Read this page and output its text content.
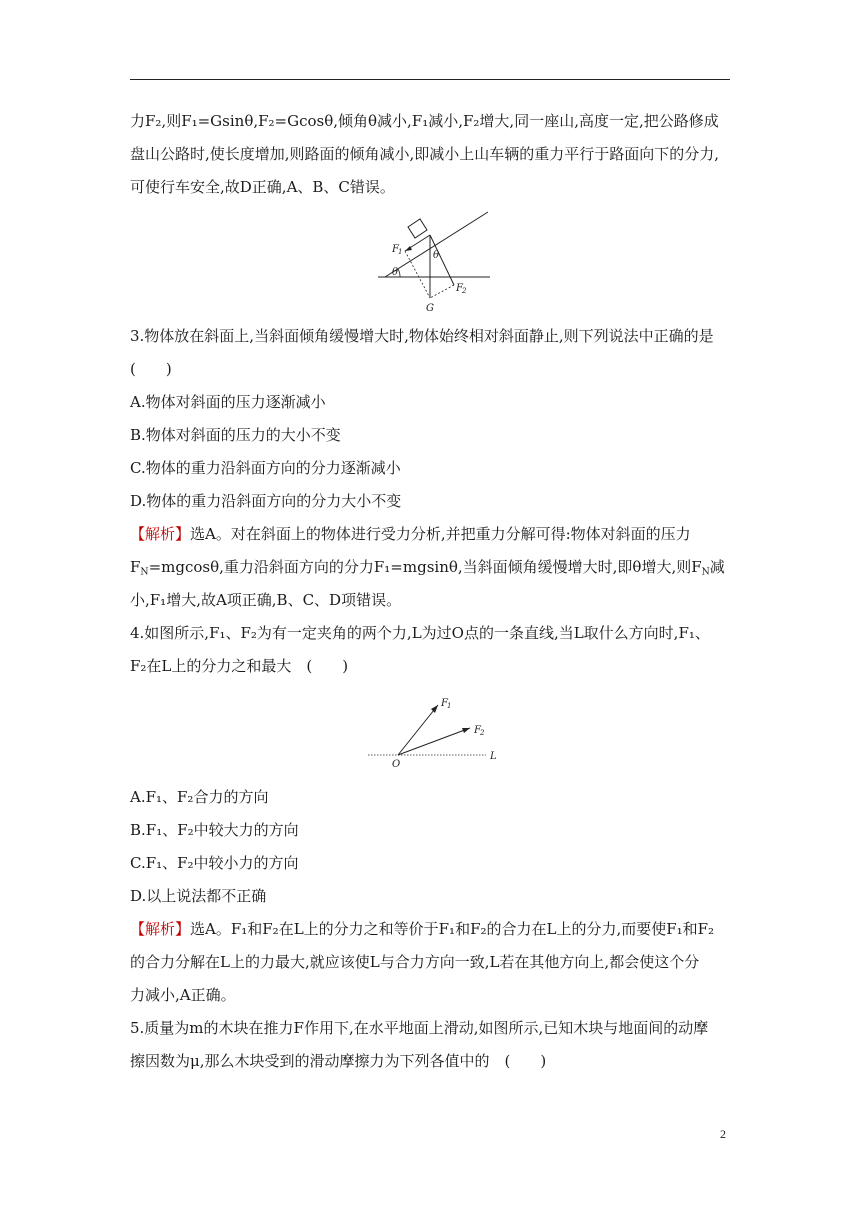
力F₂,则F₁=Gsinθ,F₂=Gcosθ,倾角θ减小,F₁减小,F₂增大,同一座山,高度一定,把公路修成
盘山公路时,使长度增加,则路面的倾角减小,即减小上山车辆的重力平行于路面向下的分力,
可使行车安全,故D正确,A、B、C错误。

F 1
F 2
G
θ
θ

3.物体放在斜面上,当斜面倾角缓慢增大时,物体始终相对斜面静止,则下列说法中正确的是
(　　)
A.物体对斜面的压力逐渐减小
B.物体对斜面的压力的大小不变
C.物体的重力沿斜面方向的分力逐渐减小
D.物体的重力沿斜面方向的分力大小不变
【解析】选A。对在斜面上的物体进行受力分析,并把重力分解可得:物体对斜面的压力
$F_N=mgcos\theta$,重力沿斜面方向的分力F₁=mgsinθ,当斜面倾角缓慢增大时,即θ增大,则$F_N$减
小,F₁增大,故A项正确,B、C、D项错误。

4.如图所示,F₁、F₂为有一定夹角的两个力,L为过O点的一条直线,当L取什么方向时,F₁、
F₂在L上的分力之和最大　(　　)

F 1
F 2
O
L

A.F₁、F₂合力的方向
B.F₁、F₂中较大力的方向
C.F₁、F₂中较小力的方向
D.以上说法都不正确
【解析】选A。F₁和F₂在L上的分力之和等价于F₁和F₂的合力在L上的分力,而要使F₁和F₂
的合力分解在L上的力最大,就应该使L与合力方向一致,L若在其他方向上,都会使这个分
力减小,A正确。

5.质量为m的木块在推力F作用下,在水平地面上滑动,如图所示,已知木块与地面间的动摩
擦因数为μ,那么木块受到的滑动摩擦力为下列各值中的　(　　)

2
